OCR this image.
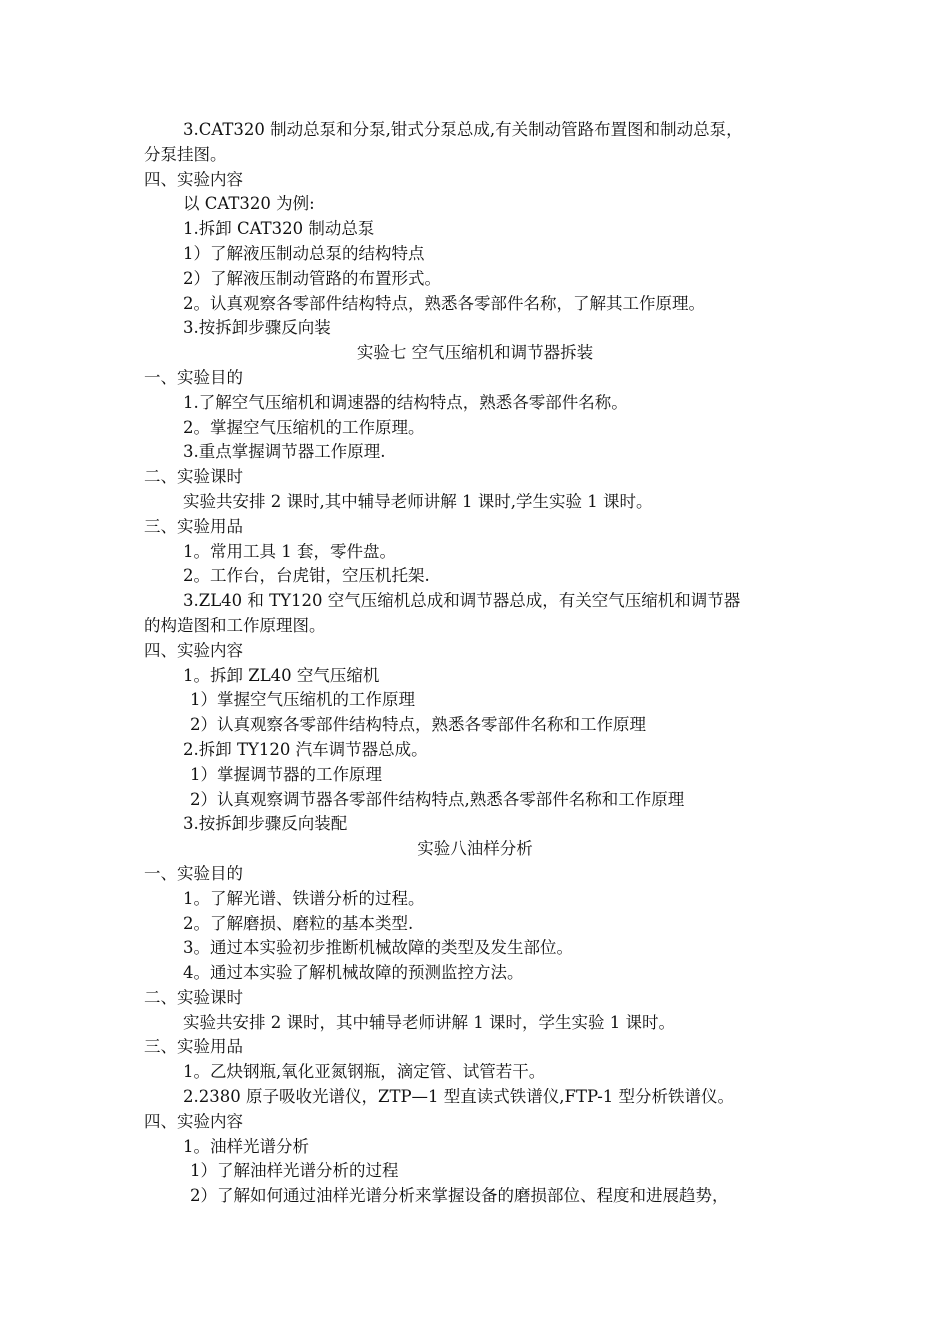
3.CAT320 制动总泵和分泵,钳式分泵总成,有关制动管路布置图和制动总泵，
分泵挂图。
四、实验内容
以 CAT320 为例:
1.拆卸 CAT320 制动总泵
1）了解液压制动总泵的结构特点
2）了解液压制动管路的布置形式。
2。认真观察各零部件结构特点，熟悉各零部件名称，了解其工作原理。
3.按拆卸步骤反向装
实验七 空气压缩机和调节器拆装
一、实验目的
1.了解空气压缩机和调速器的结构特点，熟悉各零部件名称。
2。掌握空气压缩机的工作原理。
3.重点掌握调节器工作原理.
二、实验课时
实验共安排 2 课时,其中辅导老师讲解 1 课时,学生实验 1 课时。
三、实验用品
1。常用工具 1 套，零件盘。
2。工作台，台虎钳，空压机托架.
3.ZL40 和 TY120 空气压缩机总成和调节器总成，有关空气压缩机和调节器
的构造图和工作原理图。
四、实验内容
1。拆卸 ZL40 空气压缩机
1）掌握空气压缩机的工作原理
2）认真观察各零部件结构特点，熟悉各零部件名称和工作原理
2.拆卸 TY120 汽车调节器总成。
1）掌握调节器的工作原理
2）认真观察调节器各零部件结构特点,熟悉各零部件名称和工作原理
3.按拆卸步骤反向装配
实验八油样分析
一、实验目的
1。了解光谱、铁谱分析的过程。
2。了解磨损、磨粒的基本类型.
3。通过本实验初步推断机械故障的类型及发生部位。
4。通过本实验了解机械故障的预测监控方法。
二、实验课时
实验共安排 2 课时，其中辅导老师讲解 1 课时，学生实验 1 课时。
三、实验用品
1。乙炔钢瓶,氧化亚氮钢瓶，滴定管、试管若干。
2.2380 原子吸收光谱仪，ZTP—1 型直读式铁谱仪,FTP-1 型分析铁谱仪。
四、实验内容
1。油样光谱分析
1）了解油样光谱分析的过程
2）了解如何通过油样光谱分析来掌握设备的磨损部位、程度和进展趋势，
